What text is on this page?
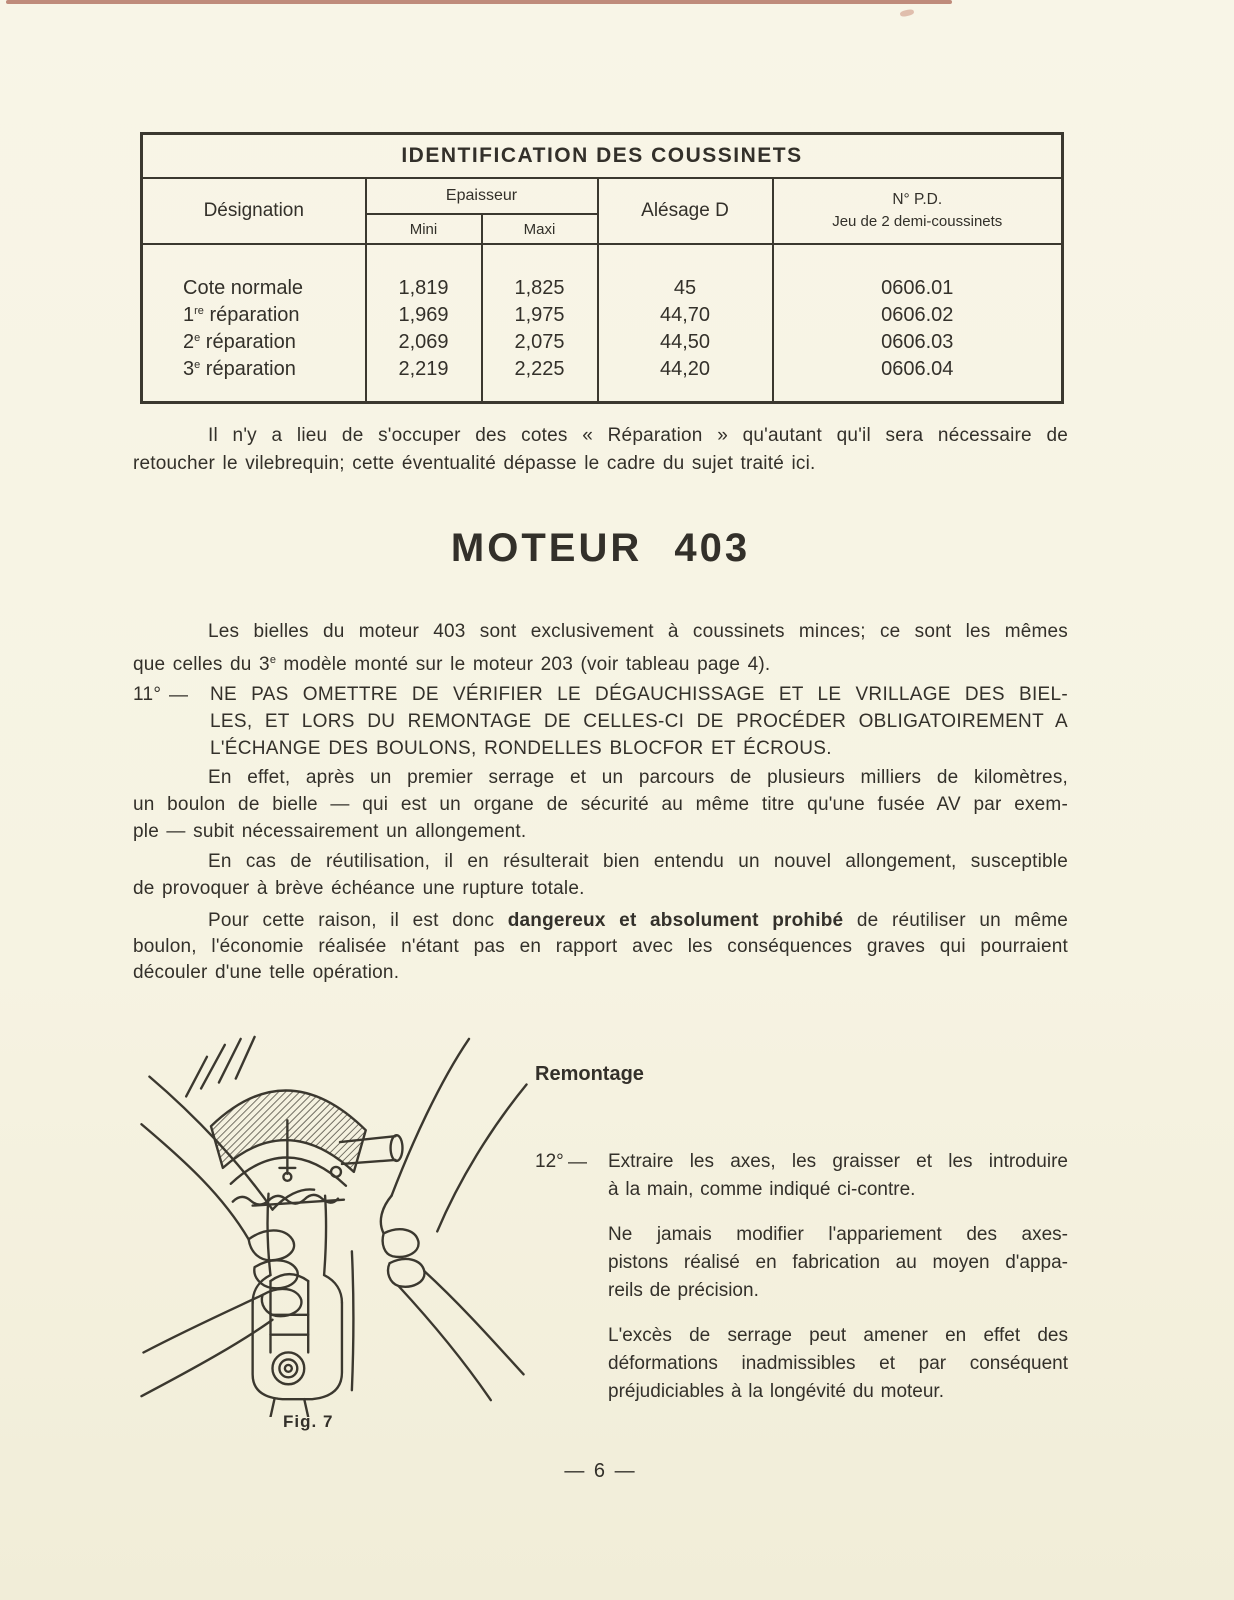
IDENTIFICATION DES COUSSINETS				
Désignation	Epaisseur		Alésage D	N° P.D.
Jeu de 2 demi-coussinets

	Mini	Maxi		
Cote normale	1,819	1,825	45	0606.01
1re réparation	1,969	1,975	44,70	0606.02
2e réparation	2,069	2,075	44,50	0606.03
3e réparation	2,219	2,225	44,20	0606.04
Il n'y a lieu de s'occuper des cotes « Réparation » qu'autant qu'il sera nécessaire de
retoucher le vilebrequin; cette éventualité dépasse le cadre du sujet traité ici.
MOTEUR 403
Les bielles du moteur 403 sont exclusivement à coussinets minces; ce sont les mêmes
que celles du 3e modèle monté sur le moteur 203 (voir tableau page 4).
11° — NE PAS OMETTRE DE VÉRIFIER LE DÉGAUCHISSAGE ET LE VRILLAGE DES BIEL-
LES, ET LORS DU REMONTAGE DE CELLES-CI DE PROCÉDER OBLIGATOIREMENT A
L'ÉCHANGE DES BOULONS, RONDELLES BLOCFOR ET ÉCROUS.
En effet, après un premier serrage et un parcours de plusieurs milliers de kilomètres,
un boulon de bielle — qui est un organe de sécurité au même titre qu'une fusée AV par exem-
ple — subit nécessairement un allongement.
En cas de réutilisation, il en résulterait bien entendu un nouvel allongement, susceptible
de provoquer à brève échéance une rupture totale.
Pour cette raison, il est donc dangereux et absolument prohibé de réutiliser un même
boulon, l'économie réalisée n'étant pas en rapport avec les conséquences graves qui pourraient
découler d'une telle opération.
Fig. 7
Remontage
12° — Extraire les axes, les graisser et les introduire
à la main, comme indiqué ci-contre.
Ne jamais modifier l'appariement des axes-
pistons réalisé en fabrication au moyen d'appa-
reils de précision.
L'excès de serrage peut amener en effet des
déformations inadmissibles et par conséquent
préjudiciables à la longévité du moteur.
— 6 —
